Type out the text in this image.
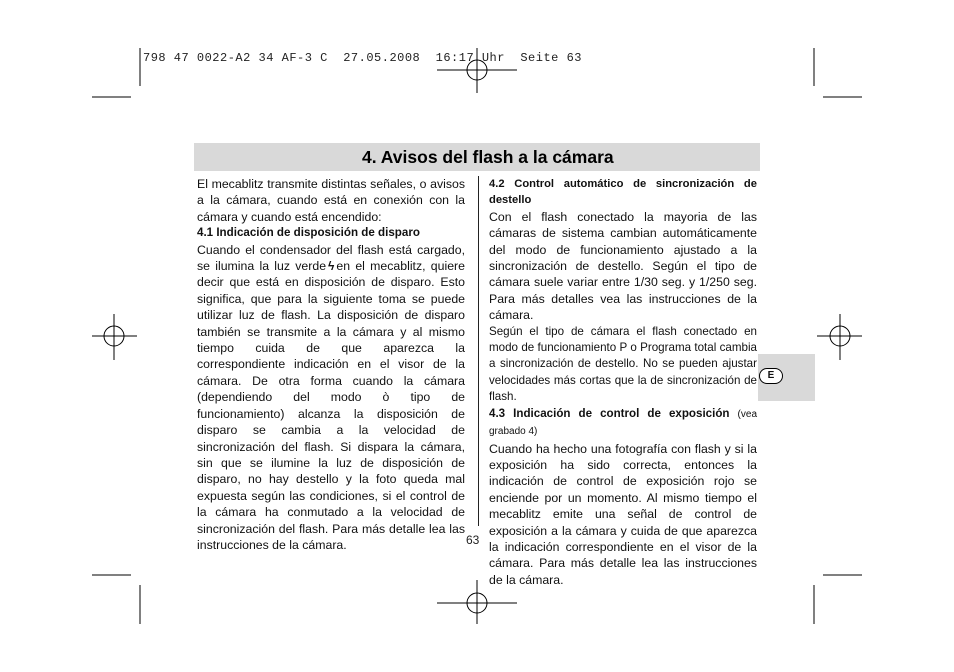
798 47 0022-A2 34 AF-3 C  27.05.2008  16:17 Uhr  Seite 63
4. Avisos del flash a la cámara

El mecablitz transmite distintas señales, o avisos a la cámara, cuando está en conexión con la cámara y cuando está encendido:

4.1 Indicación de disposición de disparo

Cuando el condensador del flash está cargado, se ilumina la luz verde ϟ en el mecablitz, quiere decir que está en disposición de disparo. Esto significa, que para la siguiente toma se puede utilizar luz de flash. La disposición de disparo también se transmite a la cámara y al mismo tiempo cuida de que aparezca la correspondiente indicación en el visor de la cámara. De otra forma cuando la cámara (dependiendo del modo ò tipo de funcionamiento) alcanza la disposición de disparo se cambia a la velocidad de sincronización del flash. Si dispara la cámara, sin que se ilumine la luz de disposición de disparo, no hay destello y la foto queda mal expuesta según las condiciones, si el control de la cámara ha conmutado a la velocidad de sincronización del flash. Para más detalle lea las instrucciones de la cámara.

4.2 Control automático de sincronización de destello

Con el flash conectado la mayoria de las cámaras de sistema cambian automáticamente del modo de funcionamiento ajustado a la sincronización de destello. Según el tipo de cámara suele variar entre 1/30 seg. y 1/250 seg. Para más detalles vea las instrucciones de la cámara.

Según el tipo de cámara el flash conectado en modo de funcionamiento P o Programa total cambia a sincronización de destello. No se pueden ajustar velocidades más cortas que la de sincronización de flash.

4.3 Indicación de control de exposición (vea grabado 4)

Cuando ha hecho una fotografía con flash y si la exposición ha sido correcta, entonces la indicación de control de exposición rojo se enciende por un momento. Al mismo tiempo el mecablitz emite una señal de control de exposición a la cámara y cuida de que aparezca la indicación correspondiente en el visor de la cámara. Para más detalle lea las instrucciones de la cámara.

E
63
